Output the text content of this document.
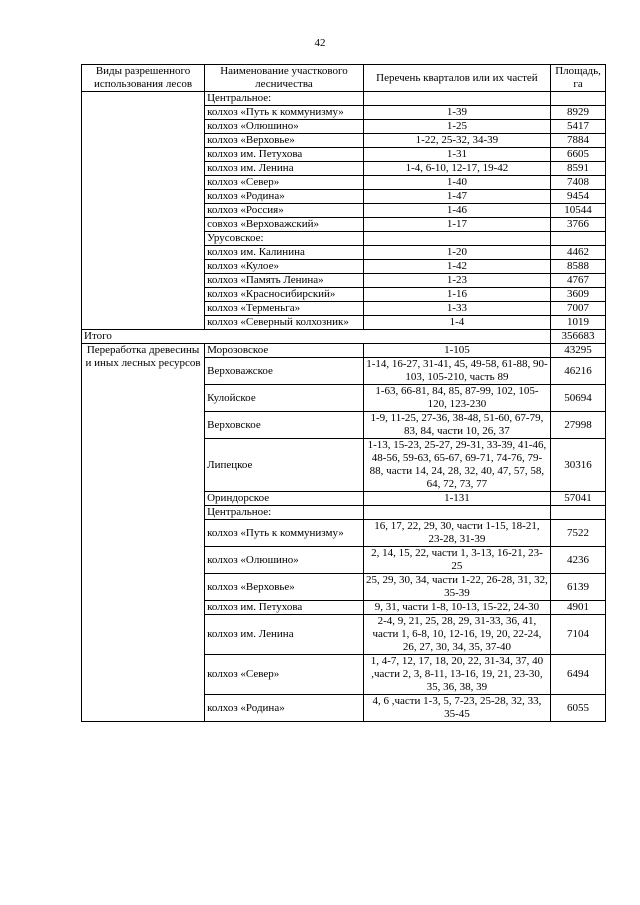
42
Виды разрешенного использования лесов	Наименование участкового лесничества	Перечень кварталов или их частей	Площадь, га
	Центральное:		
	колхоз «Путь к коммунизму»	1-39	8929
	колхоз «Олюшино»	1-25	5417
	колхоз «Верховье»	1-22, 25-32, 34-39	7884
	колхоз им. Петухова	1-31	6605
	колхоз им. Ленина	1-4, 6-10, 12-17, 19-42	8591
	колхоз «Север»	1-40	7408
	колхоз «Родина»	1-47	9454
	колхоз «Россия»	1-46	10544
	совхоз «Верховажский»	1-17	3766
	Урусовское:		
	колхоз им. Калинина	1-20	4462
	колхоз «Кулое»	1-42	8588
	колхоз «Память Ленина»	1-23	4767
	колхоз «Красносибирский»	1-16	3609
	колхоз «Терменьга»	1-33	7007
	колхоз «Северный колхозник»	1-4	1019
Итого			356683
Переработка древесины и иных лесных ресурсов	Морозовское	1-105	43295
	Верховажское	1-14, 16-27, 31-41, 45, 49-58, 61-88, 90-103, 105-210, часть 89	46216
	Кулойское	1-63, 66-81, 84, 85, 87-99, 102, 105-120, 123-230	50694
	Верховское	1-9, 11-25, 27-36, 38-48, 51-60, 67-79, 83, 84, части 10, 26, 37	27998
	Липецкое	1-13, 15-23, 25-27, 29-31, 33-39, 41-46, 48-56, 59-63, 65-67, 69-71, 74-76, 79-88, части 14, 24, 28, 32, 40, 47, 57, 58, 64, 72, 73, 77	30316
	Ориндорское	1-131	57041
	Центральное:		
	колхоз «Путь к коммунизму»	16, 17, 22, 29, 30, части 1-15, 18-21, 23-28, 31-39	7522
	колхоз «Олюшино»	2, 14, 15, 22, части 1, 3-13, 16-21, 23-25	4236
	колхоз «Верховье»	25, 29, 30, 34, части 1-22, 26-28, 31, 32, 35-39	6139
	колхоз им. Петухова	9, 31, части 1-8, 10-13, 15-22, 24-30	4901
	колхоз им. Ленина	2-4, 9, 21, 25, 28, 29, 31-33, 36, 41, части 1, 6-8, 10, 12-16, 19, 20, 22-24, 26, 27, 30, 34, 35, 37-40	7104
	колхоз «Север»	1, 4-7, 12, 17, 18, 20, 22, 31-34, 37, 40 ,части 2, 3, 8-11, 13-16, 19, 21, 23-30, 35, 36, 38, 39	6494
	колхоз «Родина»	4, 6 ,части 1-3, 5, 7-23, 25-28, 32, 33, 35-45	6055
